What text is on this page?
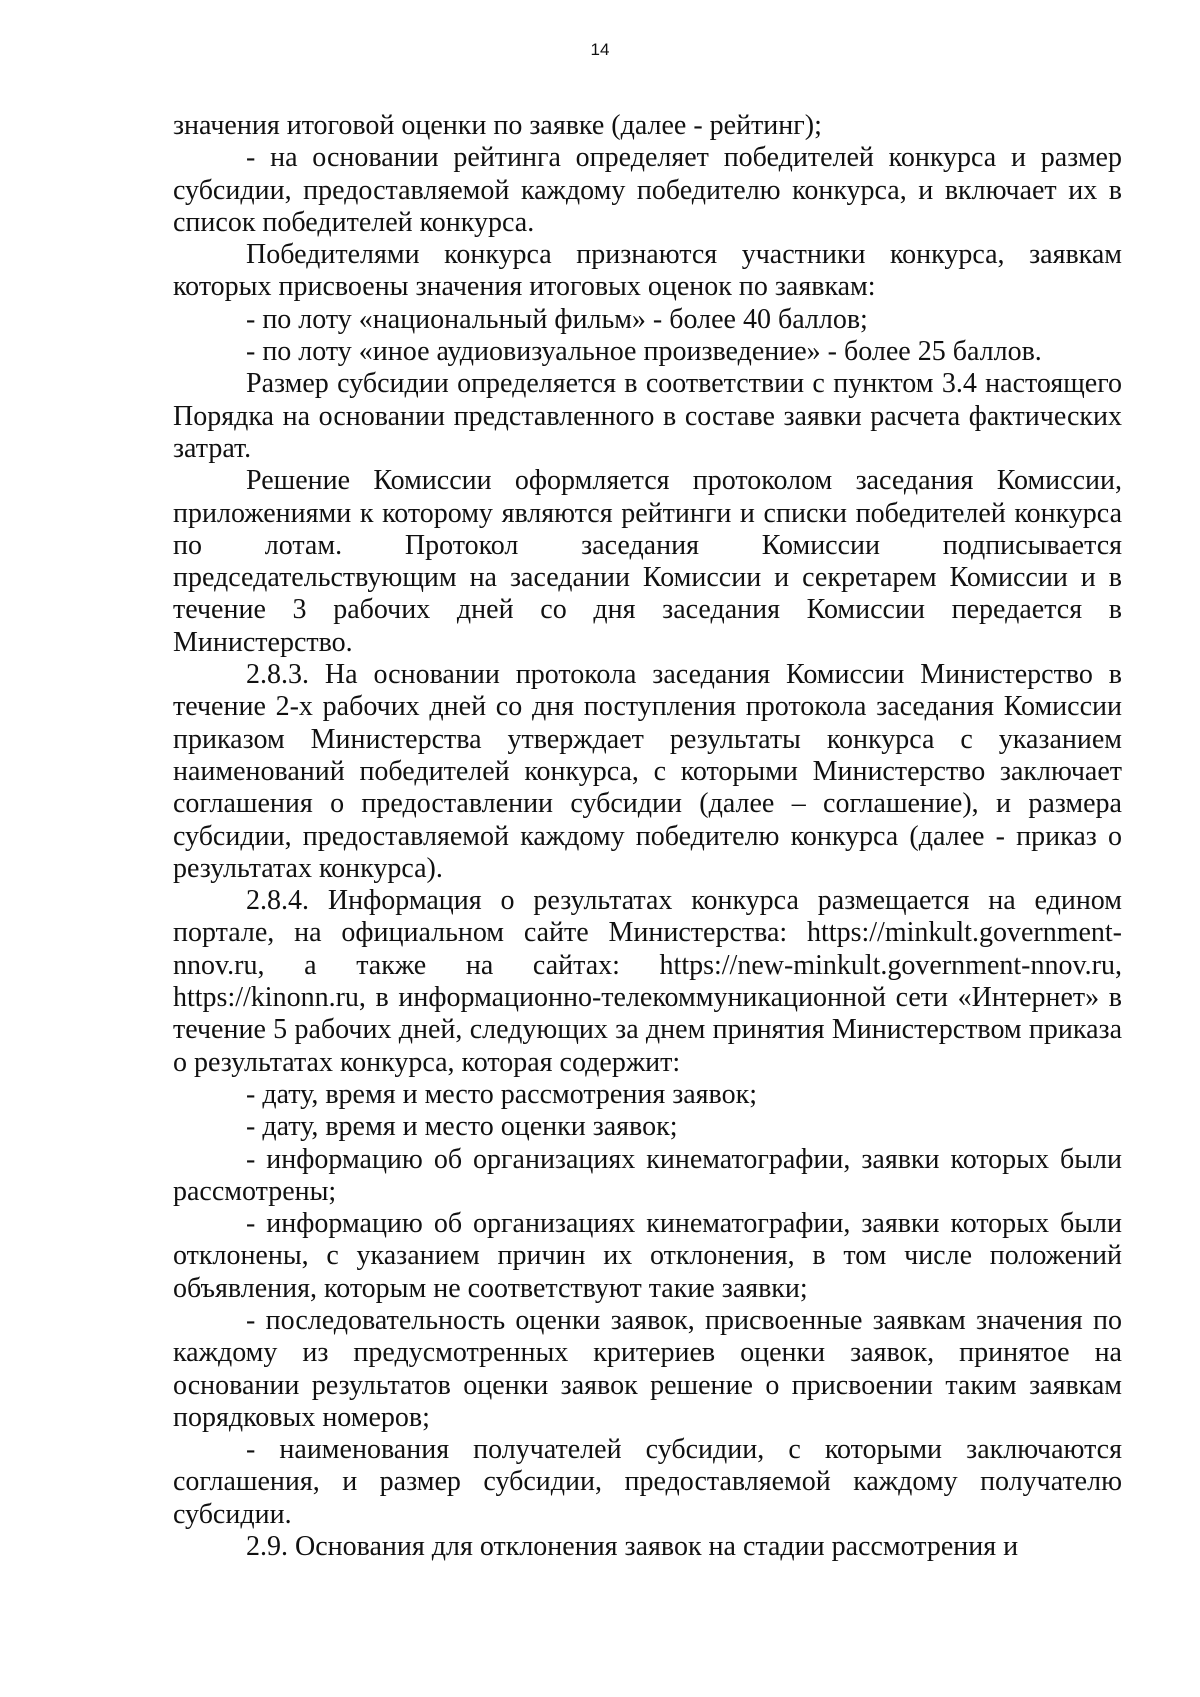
14

значения итоговой оценки по заявке (далее - рейтинг);

- на основании рейтинга определяет победителей конкурса и размер субсидии, предоставляемой каждому победителю конкурса, и включает их в список победителей конкурса.

Победителями конкурса признаются участники конкурса, заявкам которых присвоены значения итоговых оценок по заявкам:

- по лоту «национальный фильм» - более 40 баллов;

- по лоту «иное аудиовизуальное произведение» - более 25 баллов.

Размер субсидии определяется в соответствии с пунктом 3.4 настоящего Порядка на основании представленного в составе заявки расчета фактических затрат.

Решение Комиссии оформляется протоколом заседания Комиссии, приложениями к которому являются рейтинги и списки победителей конкурса по лотам. Протокол заседания Комиссии подписывается председательствующим на заседании Комиссии и секретарем Комиссии и в течение 3 рабочих дней со дня заседания Комиссии передается в Министерство.

2.8.3. На основании протокола заседания Комиссии Министерство в течение 2-х рабочих дней со дня поступления протокола заседания Комиссии приказом Министерства утверждает результаты конкурса с указанием наименований победителей конкурса, с которыми Министерство заключает соглашения о предоставлении субсидии (далее – соглашение), и размера субсидии, предоставляемой каждому победителю конкурса (далее - приказ о результатах конкурса).

2.8.4. Информация о результатах конкурса размещается на едином портале, на официальном сайте Министерства: https://minkult.government-nnov.ru, а также на сайтах: https://new-minkult.government-nnov.ru, https://kinonn.ru, в информационно-телекоммуникационной сети «Интернет» в течение 5 рабочих дней, следующих за днем принятия Министерством приказа о результатах конкурса, которая содержит:

- дату, время и место рассмотрения заявок;

- дату, время и место оценки заявок;

- информацию об организациях кинематографии, заявки которых были рассмотрены;

- информацию об организациях кинематографии, заявки которых были отклонены, с указанием причин их отклонения, в том числе положений объявления, которым не соответствуют такие заявки;

- последовательность оценки заявок, присвоенные заявкам значения по каждому из предусмотренных критериев оценки заявок, принятое на основании результатов оценки заявок решение о присвоении таким заявкам порядковых номеров;

- наименования получателей субсидии, с которыми заключаются соглашения, и размер субсидии, предоставляемой каждому получателю субсидии.

2.9. Основания для отклонения заявок на стадии рассмотрения и
